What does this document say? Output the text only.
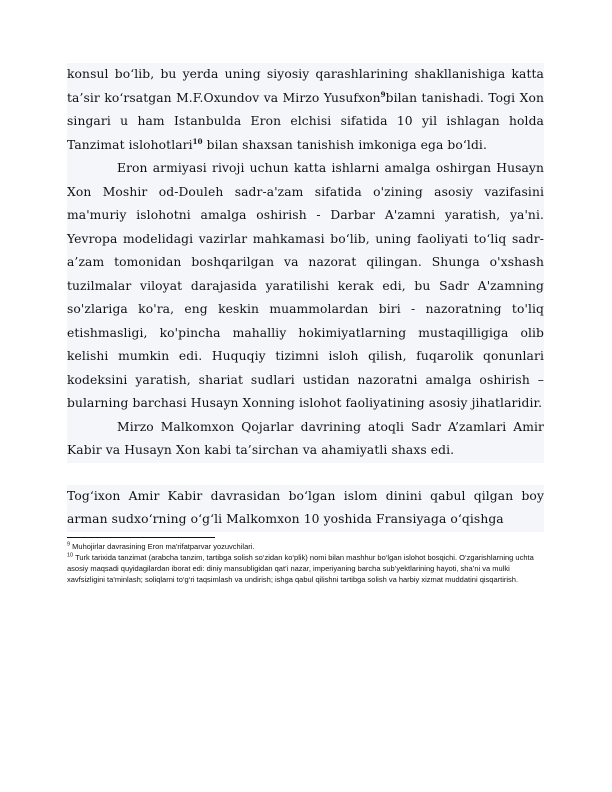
konsul bo‘lib, bu yerda uning siyosiy qarashlarining shakllanishiga katta ta’sir ko‘rsatgan M.F.Oxundov va Mirzo Yusufxon$^9$bilan tanishadi. Togi Xon singari u ham Istanbulda Eron elchisi sifatida 10 yil ishlagan holda Tanzimat islohotlari$^{10}$ bilan shaxsan tanishish imkoniga ega bo‘ldi.

Eron armiyasi rivoji uchun katta ishlarni amalga oshirgan Husayn Xon Moshir od-Douleh sadr-a'zam sifatida o'zining asosiy vazifasini ma'muriy islohotni amalga oshirish - Darbar A'zamni yaratish, ya'ni. Yevropa modelidagi vazirlar mahkamasi bo‘lib, uning faoliyati to‘liq sadr-a’zam tomonidan boshqarilgan va nazorat qilingan. Shunga o'xshash tuzilmalar viloyat darajasida yaratilishi kerak edi, bu Sadr A'zamning so'zlariga ko'ra, eng keskin muammolardan biri - nazoratning to'liq etishmasligi, ko'pincha mahalliy hokimiyatlarning mustaqilligiga olib kelishi mumkin edi. Huquqiy tizimni isloh qilish, fuqarolik qonunlari kodeksini yaratish, shariat sudlari ustidan nazoratni amalga oshirish – bularning barchasi Husayn Xonning islohot faoliyatining asosiy jihatlaridir.

Mirzo Malkomxon Qojarlar davrining atoqli Sadr A’zamlari Amir Kabir va Husayn Xon kabi ta’sirchan va ahamiyatli shaxs edi.

Tog‘ixon Amir Kabir davrasidan bo‘lgan islom dinini qabul qilgan boy arman sudxo‘rning o‘g‘li Malkomxon 10 yoshida Fransiyaga o‘qishga

$^9$ Muhojirlar davrasining Eron ma'rifatparvar yozuvchilari.

$^{10}$ Turk tarixida tanzimat (arabcha tanzim, tartibga solish so‘zidan ko‘plik) nomi bilan mashhur bo‘lgan islohot bosqichi. O‘zgarishlarning uchta asosiy maqsadi quyidagilardan iborat edi: diniy mansubligidan qat’i nazar, imperiyaning barcha sub’yektlarining hayoti, sha’ni va mulki xavfsizligini ta’minlash; soliqlarni to‘g‘ri taqsimlash va undirish; ishga qabul qilishni tartibga solish va harbiy xizmat muddatini qisqartirish.
